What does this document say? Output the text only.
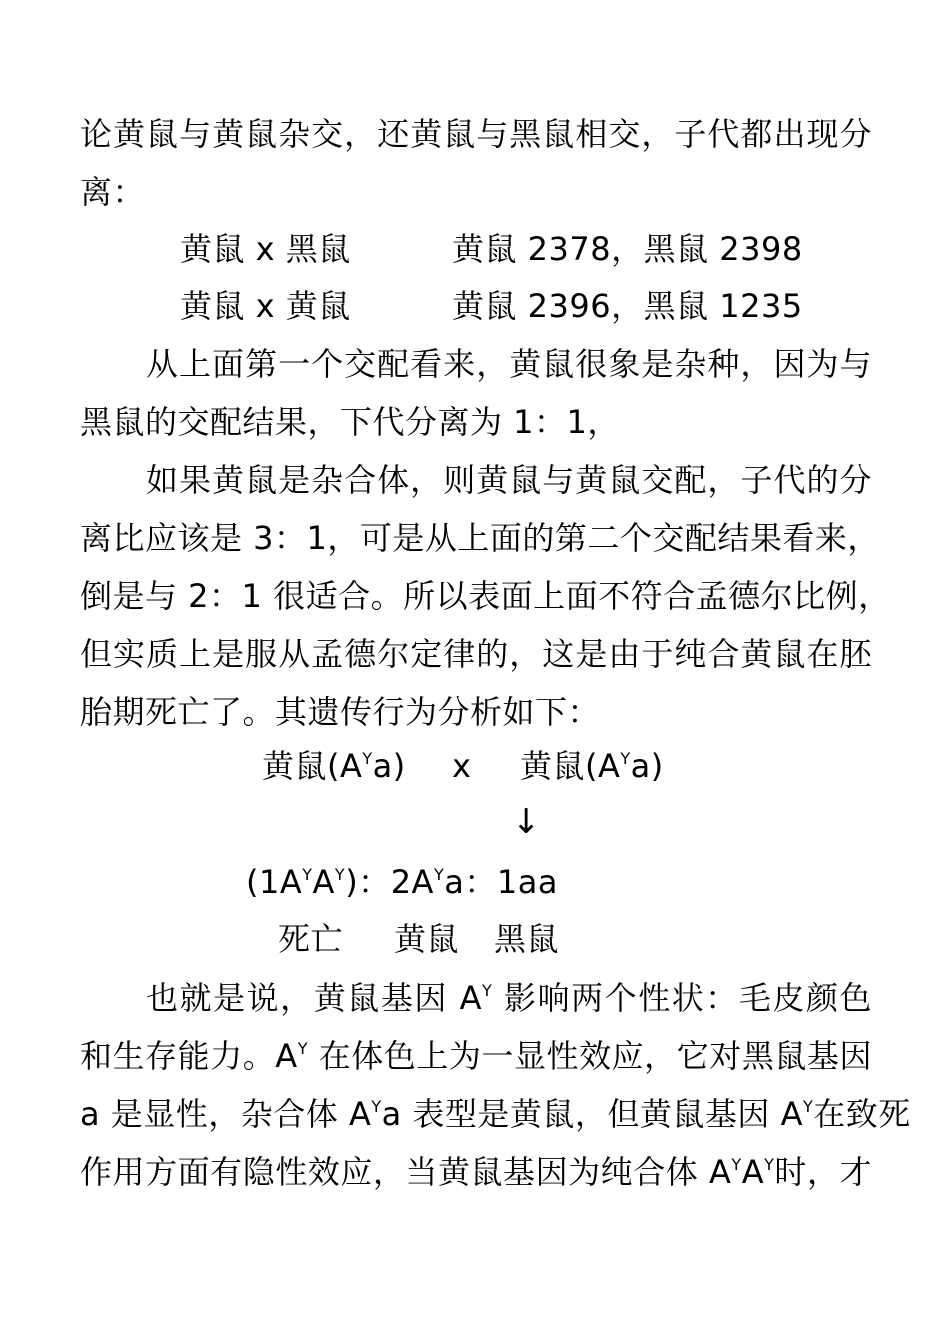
论黄鼠与黄鼠杂交，还黄鼠与黑鼠相交，子代都出现分
离：
黄鼠 x 黑鼠	黄鼠 2378，黑鼠 2398
黄鼠 x 黄鼠	黄鼠 2396，黑鼠 1235
从上面第一个交配看来，黄鼠很象是杂种，因为与
黑鼠的交配结果，下代分离为 1：1，
如果黄鼠是杂合体，则黄鼠与黄鼠交配，子代的分
离比应该是 3：1，可是从上面的第二个交配结果看来，
倒是与 2：1 很适合。所以表面上面不符合孟德尔比例，
但实质上是服从孟德尔定律的，这是由于纯合黄鼠在胚
胎期死亡了。其遗传行为分析如下：
黄鼠$(A^Ya)$ x 黄鼠$(A^Ya)$
↓
$(1A^YA^Y)$：$2A^Ya$：1aa
死亡 黄鼠 黑鼠
也就是说，黄鼠基因 $A^Y$ 影响两个性状：毛皮颜色
和生存能力。$A^Y$ 在体色上为一显性效应，它对黑鼠基因
a 是显性，杂合体 $A^Ya$ 表型是黄鼠，但黄鼠基因 $A^Y$在致死
作用方面有隐性效应，当黄鼠基因为纯合体 $A^YA^Y$时，才
